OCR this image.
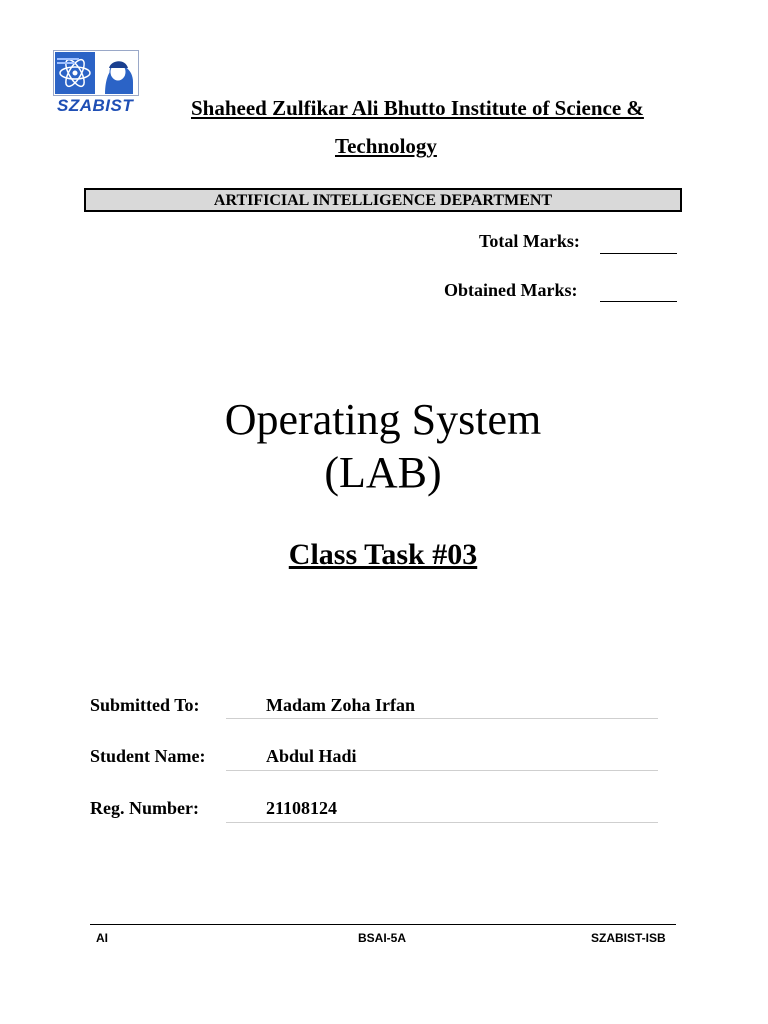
SZABIST	Shaheed Zulfikar Ali Bhutto Institute of Science &
Technology
ARTIFICIAL INTELLIGENCE DEPARTMENT
Total Marks:
Obtained Marks:
Operating System
(LAB)
Class Task #03
Submitted To:	Madam Zoha Irfan
Student Name:	Abdul Hadi
Reg. Number:	21108124
AI	BSAI-5A	SZABIST-ISB
